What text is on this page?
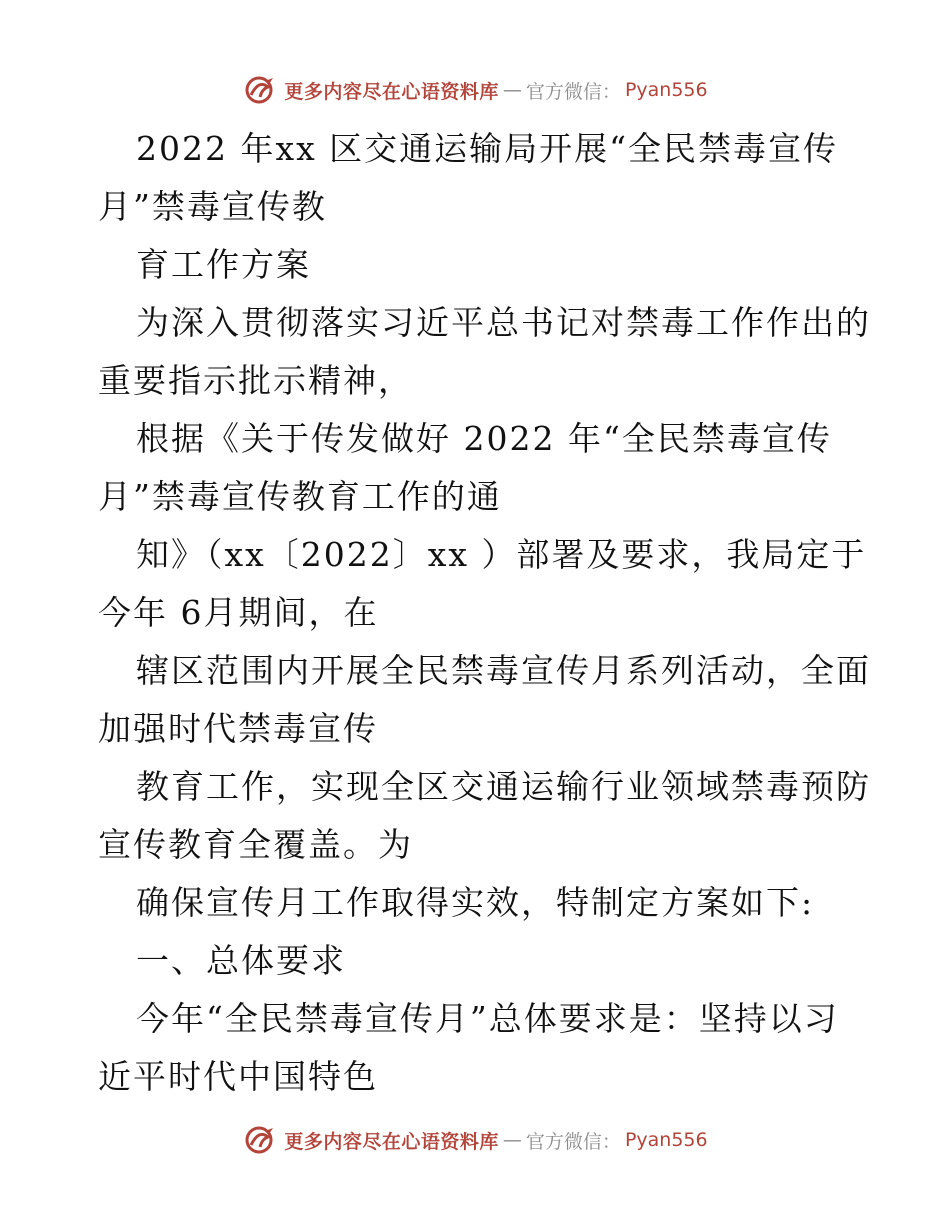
更多内容尽在心语资料库 — 官方微信： Pyan556
2022 年xx 区交通运输局开展“全民禁毒宣传
月”禁毒宣传教
育工作方案
为深入贯彻落实习近平总书记对禁毒工作作出的
重要指示批示精神，
根据《关于传发做好 2022 年“全民禁毒宣传
月”禁毒宣传教育工作的通
知》（xx〔2022〕xx ）部署及要求，我局定于
今年 6月期间，在
辖区范围内开展全民禁毒宣传月系列活动，全面
加强时代禁毒宣传
教育工作，实现全区交通运输行业领域禁毒预防
宣传教育全覆盖。为
确保宣传月工作取得实效，特制定方案如下:
一、总体要求
今年“全民禁毒宣传月”总体要求是：坚持以习
近平时代中国特色
更多内容尽在心语资料库 — 官方微信： Pyan556
